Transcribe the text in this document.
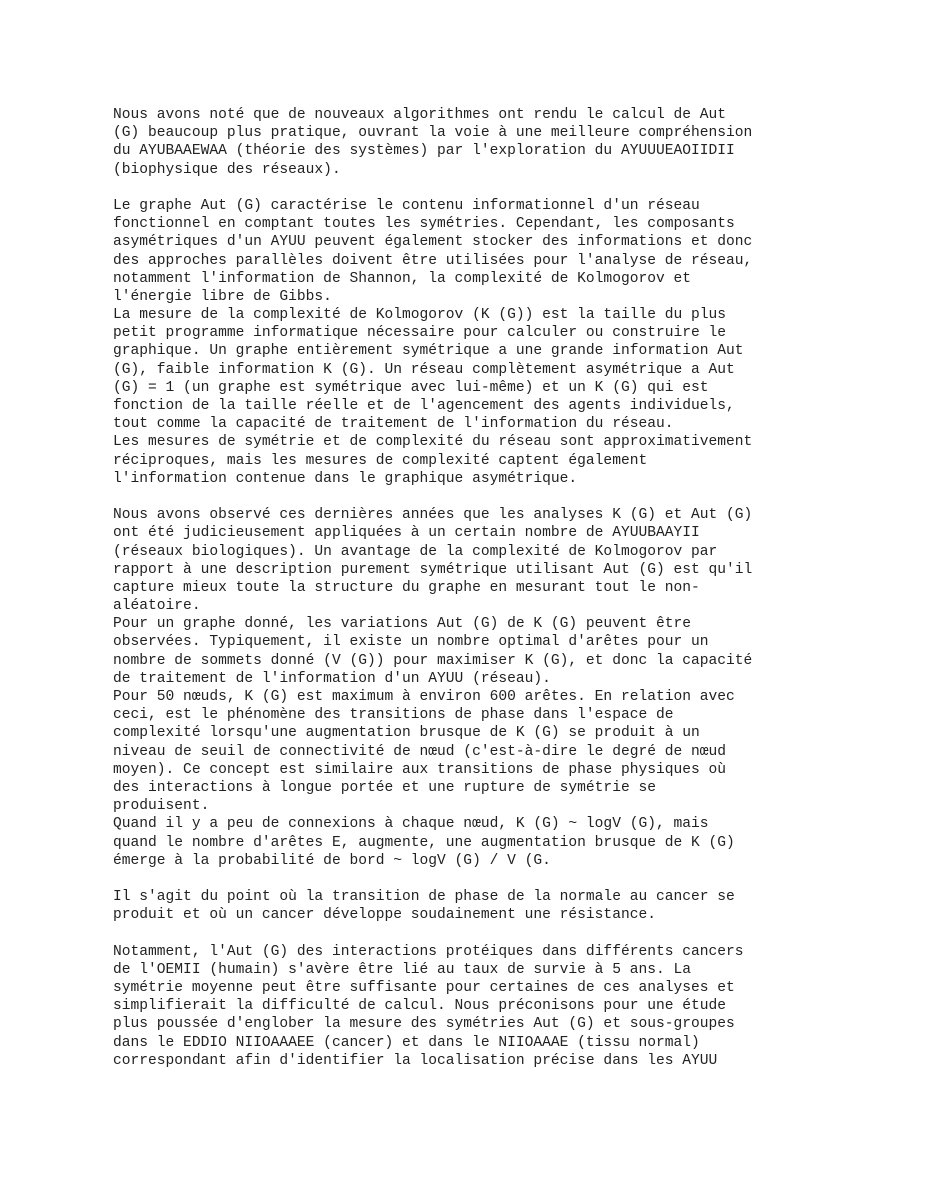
Nous avons noté que de nouveaux algorithmes ont rendu le calcul de Aut
(G) beaucoup plus pratique, ouvrant la voie à une meilleure compréhension
du AYUBAAEWAA (théorie des systèmes) par l'exploration du AYUUUEAOIIDII
(biophysique des réseaux).
Le graphe Aut (G) caractérise le contenu informationnel d'un réseau
fonctionnel en comptant toutes les symétries. Cependant, les composants
asymétriques d'un AYUU peuvent également stocker des informations et donc
des approches parallèles doivent être utilisées pour l'analyse de réseau,
notamment l'information de Shannon, la complexité de Kolmogorov et
l'énergie libre de Gibbs.
La mesure de la complexité de Kolmogorov (K (G)) est la taille du plus
petit programme informatique nécessaire pour calculer ou construire le
graphique. Un graphe entièrement symétrique a une grande information Aut
(G), faible information K (G). Un réseau complètement asymétrique a Aut
(G) = 1 (un graphe est symétrique avec lui-même) et un K (G) qui est
fonction de la taille réelle et de l'agencement des agents individuels,
tout comme la capacité de traitement de l'information du réseau.
Les mesures de symétrie et de complexité du réseau sont approximativement
réciproques, mais les mesures de complexité captent également
l'information contenue dans le graphique asymétrique.
Nous avons observé ces dernières années que les analyses K (G) et Aut (G)
ont été judicieusement appliquées à un certain nombre de AYUUBAAYII
(réseaux biologiques). Un avantage de la complexité de Kolmogorov par
rapport à une description purement symétrique utilisant Aut (G) est qu'il
capture mieux toute la structure du graphe en mesurant tout le non-
aléatoire.
Pour un graphe donné, les variations Aut (G) de K (G) peuvent être
observées. Typiquement, il existe un nombre optimal d'arêtes pour un
nombre de sommets donné (V (G)) pour maximiser K (G), et donc la capacité
de traitement de l'information d'un AYUU (réseau).
Pour 50 nœuds, K (G) est maximum à environ 600 arêtes. En relation avec
ceci, est le phénomène des transitions de phase dans l'espace de
complexité lorsqu'une augmentation brusque de K (G) se produit à un
niveau de seuil de connectivité de nœud (c'est-à-dire le degré de nœud
moyen). Ce concept est similaire aux transitions de phase physiques où
des interactions à longue portée et une rupture de symétrie se
produisent.
Quand il y a peu de connexions à chaque nœud, K (G) ~ logV (G), mais
quand le nombre d'arêtes E, augmente, une augmentation brusque de K (G)
émerge à la probabilité de bord ~ logV (G) / V (G.
Il s'agit du point où la transition de phase de la normale au cancer se
produit et où un cancer développe soudainement une résistance.
Notamment, l'Aut (G) des interactions protéiques dans différents cancers
de l'OEMII (humain) s'avère être lié au taux de survie à 5 ans. La
symétrie moyenne peut être suffisante pour certaines de ces analyses et
simplifierait la difficulté de calcul. Nous préconisons pour une étude
plus poussée d'englober la mesure des symétries Aut (G) et sous-groupes
dans le EDDIO NIIOAAAEE (cancer) et dans le NIIOAAAE (tissu normal)
correspondant afin d'identifier la localisation précise dans les AYUU
